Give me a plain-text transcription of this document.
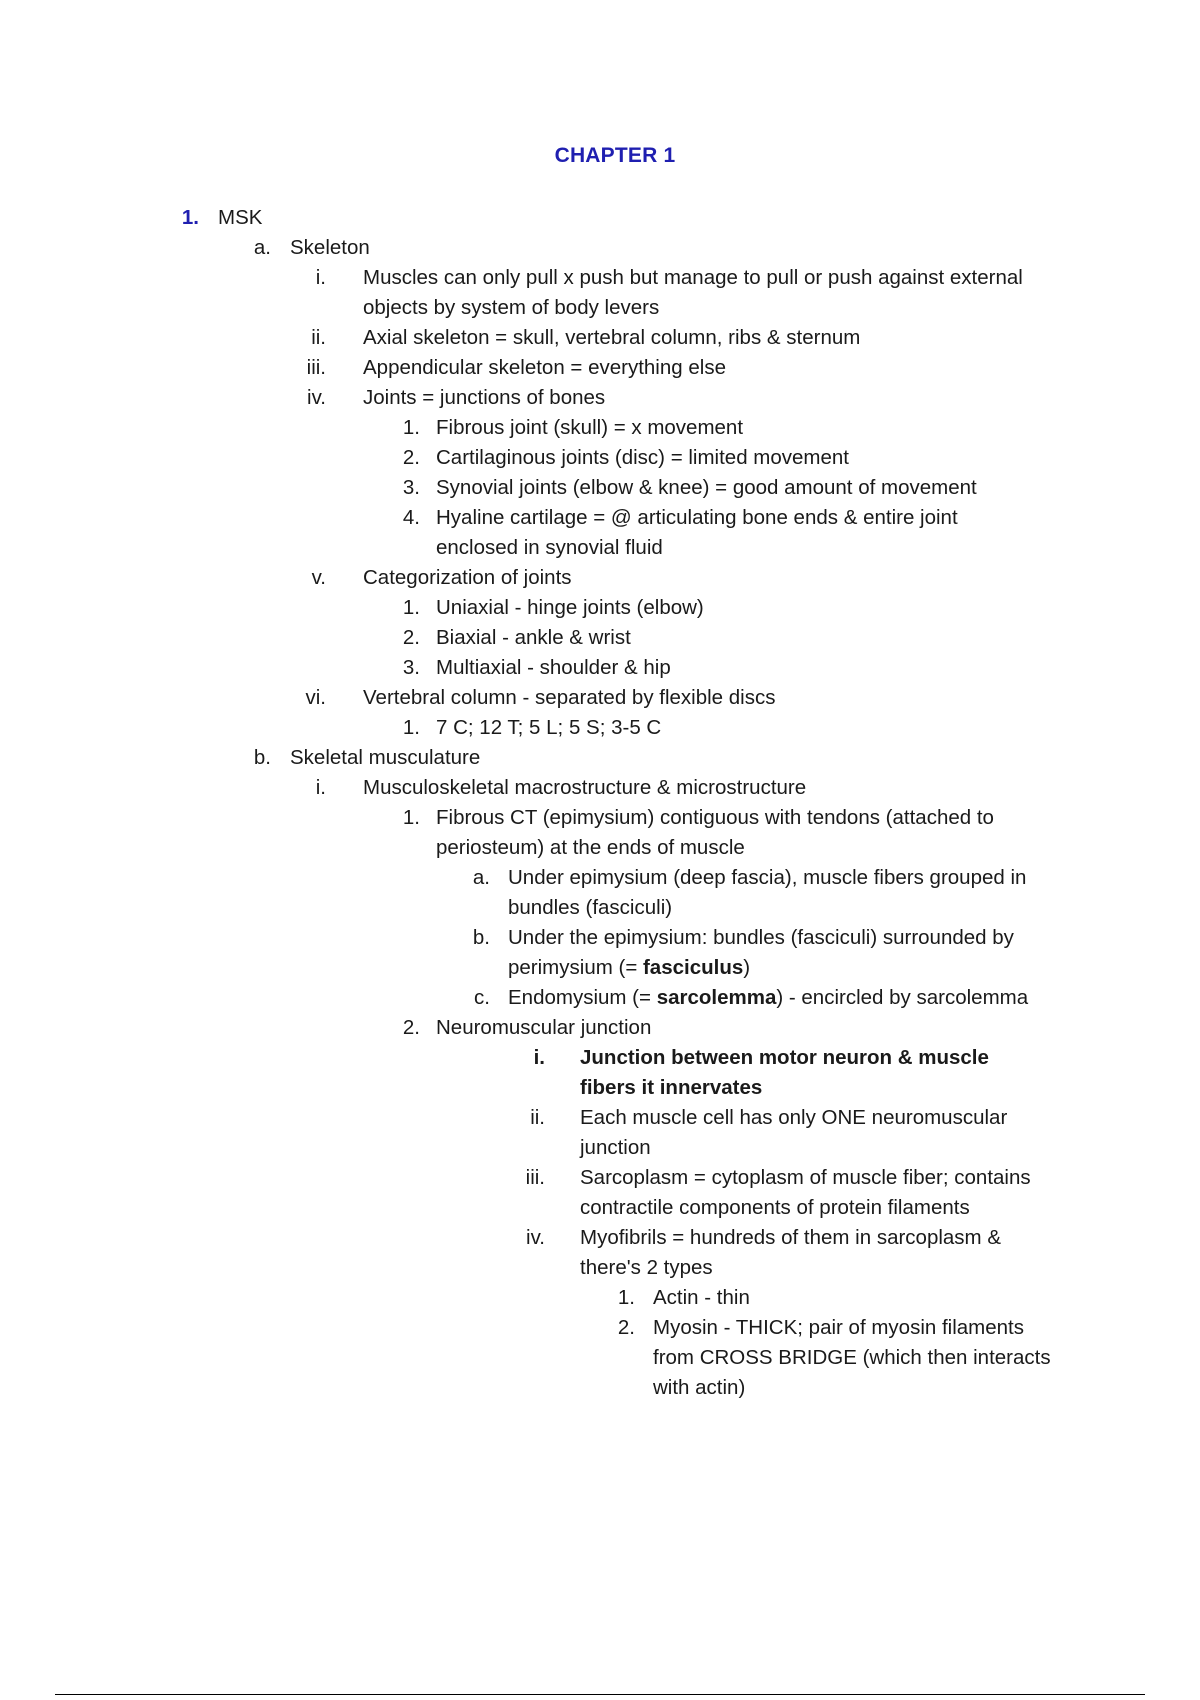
CHAPTER 1
1. MSK
a. Skeleton
i. Muscles can only pull x push but manage to pull or push against external
objects by system of body levers
ii. Axial skeleton = skull, vertebral column, ribs & sternum
iii. Appendicular skeleton = everything else
iv. Joints = junctions of bones
1. Fibrous joint (skull) = x movement
2. Cartilaginous joints (disc) = limited movement
3. Synovial joints (elbow & knee) = good amount of movement
4. Hyaline cartilage = @ articulating bone ends & entire joint
enclosed in synovial fluid
v. Categorization of joints
1. Uniaxial - hinge joints (elbow)
2. Biaxial - ankle & wrist
3. Multiaxial - shoulder & hip
vi. Vertebral column - separated by flexible discs
1. 7 C; 12 T; 5 L; 5 S; 3-5 C
b. Skeletal musculature
i. Musculoskeletal macrostructure & microstructure
1. Fibrous CT (epimysium) contiguous with tendons (attached to
periosteum) at the ends of muscle
a. Under epimysium (deep fascia), muscle fibers grouped in
bundles (fasciculi)
b. Under the epimysium: bundles (fasciculi) surrounded by
perimysium (= fasciculus)
c. Endomysium (= sarcolemma) - encircled by sarcolemma
2. Neuromuscular junction
i. Junction between motor neuron & muscle
fibers it innervates
ii. Each muscle cell has only ONE neuromuscular
junction
iii. Sarcoplasm = cytoplasm of muscle fiber; contains
contractile components of protein filaments
iv. Myofibrils = hundreds of them in sarcoplasm &
there's 2 types
1. Actin - thin
2. Myosin - THICK; pair of myosin filaments
from CROSS BRIDGE (which then interacts
with actin)
